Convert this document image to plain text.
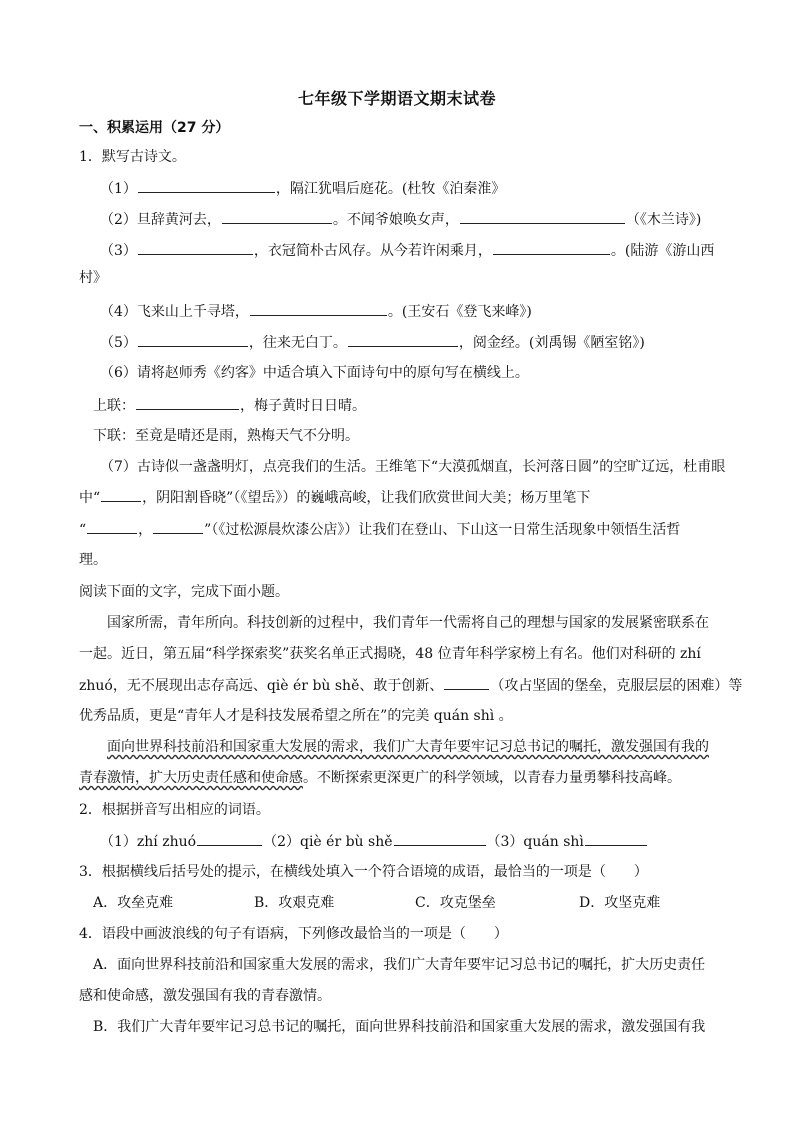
七年级下学期语文期末试卷
一、积累运用（27 分）
1．默写古诗文。
（1）	，隔江犹唱后庭花。(杜牧《泊秦淮》
（2）旦辞黄河去，	。不闻爷娘唤女声，	（《木兰诗》)
（3）	，衣冠简朴古风存。从今若许闲乘月，	。(陆游《游山西
村》
（4）飞来山上千寻塔，	。(王安石《登飞来峰》)
（5）	，往来无白丁。	，阅金经。(刘禹锡《陋室铭》)
（6）请将赵师秀《约客》中适合填入下面诗句中的原句写在横线上。
上联：	，梅子黄时日日晴。
下联：至竟是晴还是雨，熟梅天气不分明。
（7）古诗似一盏盏明灯，点亮我们的生活。王维笔下“大漠孤烟直，长河落日圆”的空旷辽远，杜甫眼
中“	，阴阳割昏晓”（《望岳》）的巍峨高峻，让我们欣赏世间大美；杨万里笔下
“	，	”（《过松源晨炊漆公店》）让我们在登山、下山这一日常生活现象中领悟生活哲
理。
阅读下面的文字，完成下面小题。
国家所需，青年所向。科技创新的过程中，我们青年一代需将自己的理想与国家的发展紧密联系在
一起。近日，第五届“科学探索奖”获奖名单正式揭晓，48 位青年科学家榜上有名。他们对科研的 zhí
zhuó，无不展现出志存高远、qiè ér bù shě、敢于创新、	（攻占坚固的堡垒，克服层层的困难）等
优秀品质，更是“青年人才是科技发展希望之所在”的完美 quán shì 。
面向世界科技前沿和国家重大发展的需求，我们广大青年要牢记习总书记的嘱托，激发强国有我的
青春激情，扩大历史责任感和使命感。不断探索更深更广的科学领域，以青春力量勇攀科技高峰。
2．根据拼音写出相应的词语。
（1）zhí zhuó	（2）qiè ér bù shě	（3）quán shì
3．根据横线后括号处的提示，在横线处填入一个符合语境的成语，最恰当的一项是（　　）
A．攻垒克难	B．攻艰克难	C．攻克堡垒	D．攻坚克难
4．语段中画波浪线的句子有语病，下列修改最恰当的一项是（　　）
A．面向世界科技前沿和国家重大发展的需求，我们广大青年要牢记习总书记的嘱托，扩大历史责任
感和使命感，激发强国有我的青春激情。
B．我们广大青年要牢记习总书记的嘱托，面向世界科技前沿和国家重大发展的需求，激发强国有我
